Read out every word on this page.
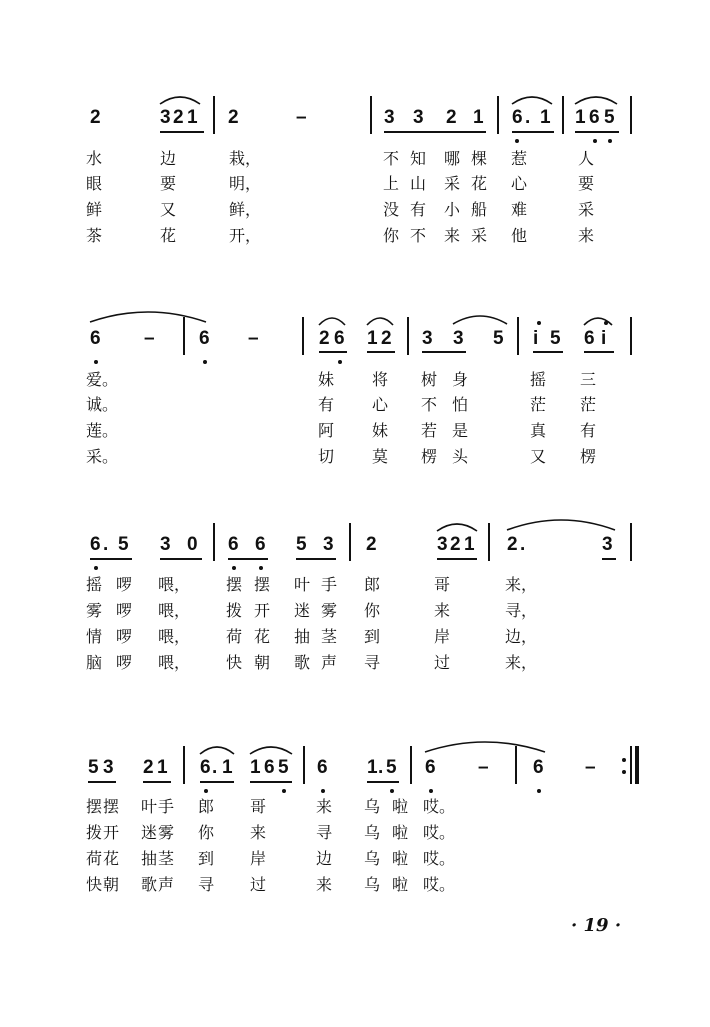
2	3 2 1 2	–	3 3 2 1 6 . 1 1 6 5
水	边	栽，	不 知 哪 棵 惹	人
眼	要	明，	上 山 采 花 心	要
鲜	又	鲜，	没 有 小 船 难	采
茶	花	开，	你 不 来 采 他	来
6 – 6 –	2 6 1 2 3 3 5 i 5 6 i
爱。	妹 将 树 身	摇 三
诚。	有 心 不 怕	茫 茫
莲。	阿 妹 若 是	真 有
采。	切 莫 楞 头	又 楞
6 . 5 3 0 6 6 5 3 2	3 2 1 2 .	3
摇 啰 喂， 摆 摆 叶 手 郎	哥	来，
雾 啰 喂， 拨 开 迷 雾 你	来	寻，
情 啰 喂， 荷 花 抽 茎 到	岸	边，
脑 啰 喂， 快 朝 歌 声 寻	过	来，
5 3 2 1 6 . 1 1 6 5 6 1 . 5 6 – 6 –
摆 摆 叶 手 郎 哥	来 乌 啦 哎。
拨 开 迷 雾 你 来	寻 乌 啦 哎。
荷 花 抽 茎 到 岸	边 乌 啦 哎。
快 朝 歌 声 寻 过	来 乌 啦 哎。
· 19 ·
